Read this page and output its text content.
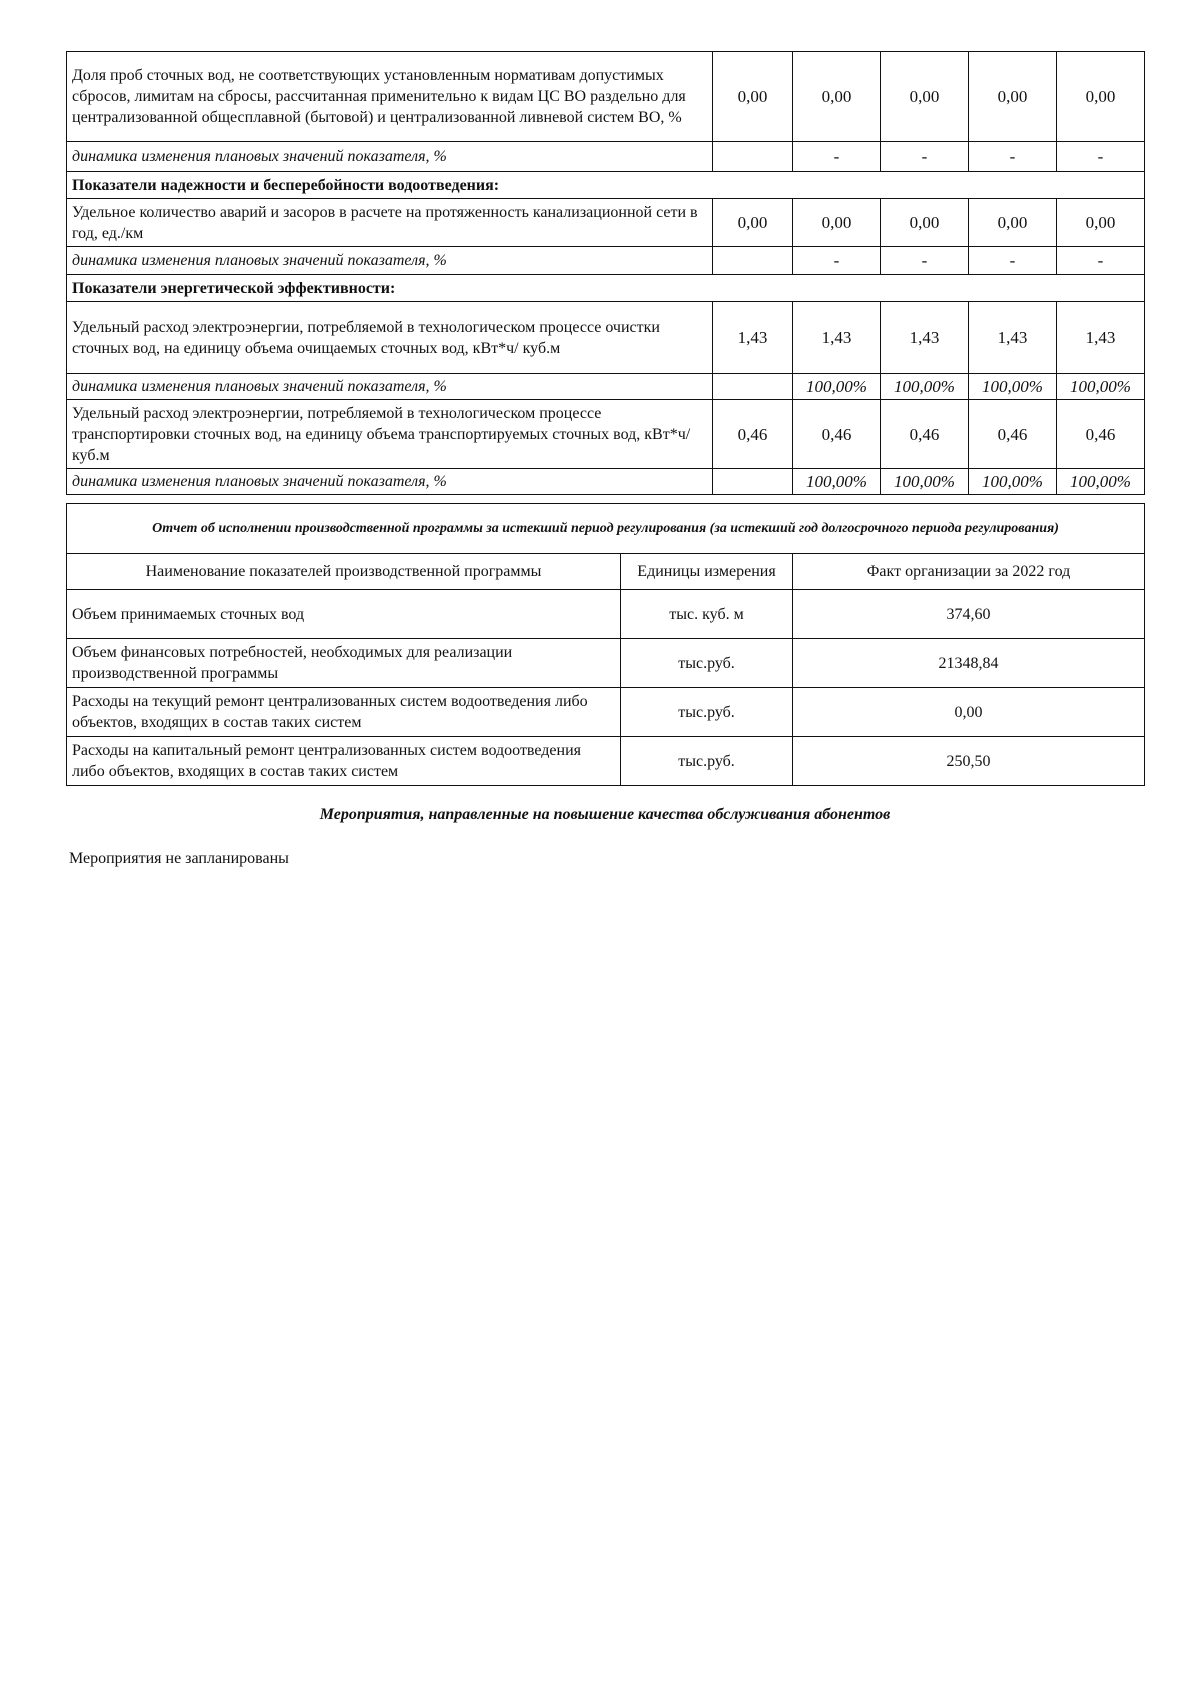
Доля проб сточных вод, не соответствующих установленным нормативам допустимых сбросов, лимитам на сбросы, рассчитанная применительно к видам ЦС ВО раздельно для централизованной общесплавной (бытовой) и централизованной ливневой систем ВО, %	0,00	0,00	0,00	0,00	0,00
динамика изменения плановых значений показателя, %		-	-	-	-
Показатели надежности и бесперебойности водоотведения:					
Удельное количество аварий и засоров в расчете на протяженность канализационной сети в год, ед./км	0,00	0,00	0,00	0,00	0,00
динамика изменения плановых значений показателя, %		-	-	-	-
Показатели энергетической эффективности:					
Удельный расход электроэнергии, потребляемой в технологическом процессе очистки сточных вод, на единицу объема очищаемых сточных вод, кВт*ч/ куб.м	1,43	1,43	1,43	1,43	1,43
динамика изменения плановых значений показателя, %		100,00%	100,00%	100,00%	100,00%
Удельный расход электроэнергии, потребляемой в технологическом процессе транспортировки сточных вод, на единицу объема транспортируемых сточных вод, кВт*ч/ куб.м	0,46	0,46	0,46	0,46	0,46
динамика изменения плановых значений показателя, %		100,00%	100,00%	100,00%	100,00%
Отчет об исполнении производственной программы за истекший период регулирования (за истекший год долгосрочного периода регулирования)		
Наименование показателей производственной программы	Единицы измерения	Факт организации за 2022 год
Объем принимаемых сточных вод	тыс. куб. м	374,60
Объем финансовых потребностей, необходимых для реализации производственной программы	тыс.руб.	21348,84
Расходы на текущий ремонт централизованных систем водоотведения либо объектов, входящих в состав таких систем	тыс.руб.	0,00
Расходы на капитальный ремонт централизованных систем водоотведения либо объектов, входящих в состав таких систем	тыс.руб.	250,50
Мероприятия, направленные на повышение качества обслуживания абонентов
Мероприятия не запланированы
